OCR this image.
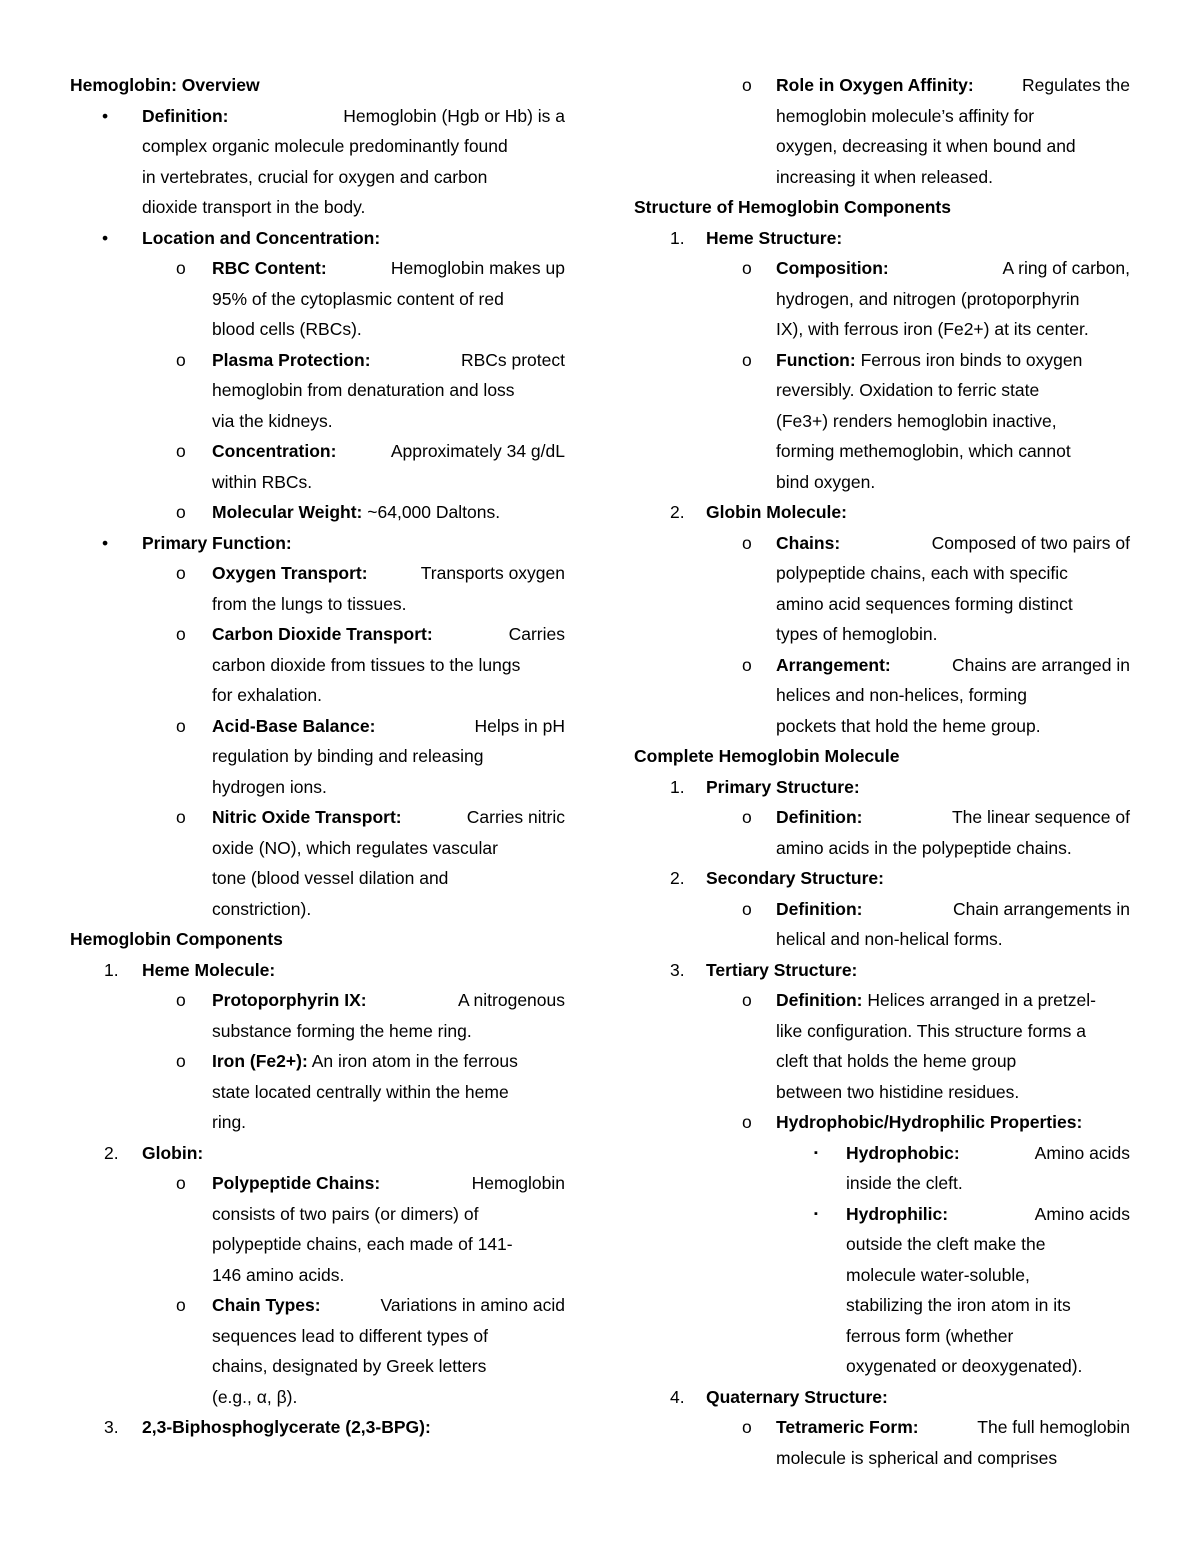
Hemoglobin: Overview
• Definition:	Hemoglobin (Hgb or Hb) is a
complex organic molecule predominantly found
in vertebrates, crucial for oxygen and carbon
dioxide transport in the body.
• Location and Concentration:
o RBC Content:	Hemoglobin makes up
95% of the cytoplasmic content of red
blood cells (RBCs).
o Plasma Protection:	RBCs protect
hemoglobin from denaturation and loss
via the kidneys.
o Concentration:	Approximately 34 g/dL
within RBCs.
o Molecular Weight: ~64,000 Daltons.
• Primary Function:
o Oxygen Transport:	Transports oxygen
from the lungs to tissues.
o Carbon Dioxide Transport:	Carries
carbon dioxide from tissues to the lungs
for exhalation.
o Acid-Base Balance:	Helps in pH
regulation by binding and releasing
hydrogen ions.
o Nitric Oxide Transport:	Carries nitric
oxide (NO), which regulates vascular
tone (blood vessel dilation and
constriction).
Hemoglobin Components
1. Heme Molecule:
o Protoporphyrin IX:	A nitrogenous
substance forming the heme ring.
o Iron (Fe2+): An iron atom in the ferrous
state located centrally within the heme
ring.
2. Globin:
o Polypeptide Chains:	Hemoglobin
consists of two pairs (or dimers) of
polypeptide chains, each made of 141-
146 amino acids.
o Chain Types:	Variations in amino acid
sequences lead to different types of
chains, designated by Greek letters
(e.g., α, β).
3. 2,3-Biphosphoglycerate (2,3-BPG):
o Role in Oxygen Affinity:	Regulates the
hemoglobin molecule’s affinity for
oxygen, decreasing it when bound and
increasing it when released.
Structure of Hemoglobin Components
1. Heme Structure:
o Composition:	A ring of carbon,
hydrogen, and nitrogen (protoporphyrin
IX), with ferrous iron (Fe2+) at its center.
o Function: Ferrous iron binds to oxygen
reversibly. Oxidation to ferric state
(Fe3+) renders hemoglobin inactive,
forming methemoglobin, which cannot
bind oxygen.
2. Globin Molecule:
o Chains:	Composed of two pairs of
polypeptide chains, each with specific
amino acid sequences forming distinct
types of hemoglobin.
o Arrangement:	Chains are arranged in
helices and non-helices, forming
pockets that hold the heme group.
Complete Hemoglobin Molecule
1. Primary Structure:
o Definition:	The linear sequence of
amino acids in the polypeptide chains.
2. Secondary Structure:
o Definition:	Chain arrangements in
helical and non-helical forms.
3. Tertiary Structure:
o Definition: Helices arranged in a pretzel-
like configuration. This structure forms a
cleft that holds the heme group
between two histidine residues.
o Hydrophobic/Hydrophilic Properties:
▪ Hydrophobic:	Amino acids
inside the cleft.
▪ Hydrophilic:	Amino acids
outside the cleft make the
molecule water-soluble,
stabilizing the iron atom in its
ferrous form (whether
oxygenated or deoxygenated).
4. Quaternary Structure:
o Tetrameric Form:	The full hemoglobin
molecule is spherical and comprises
